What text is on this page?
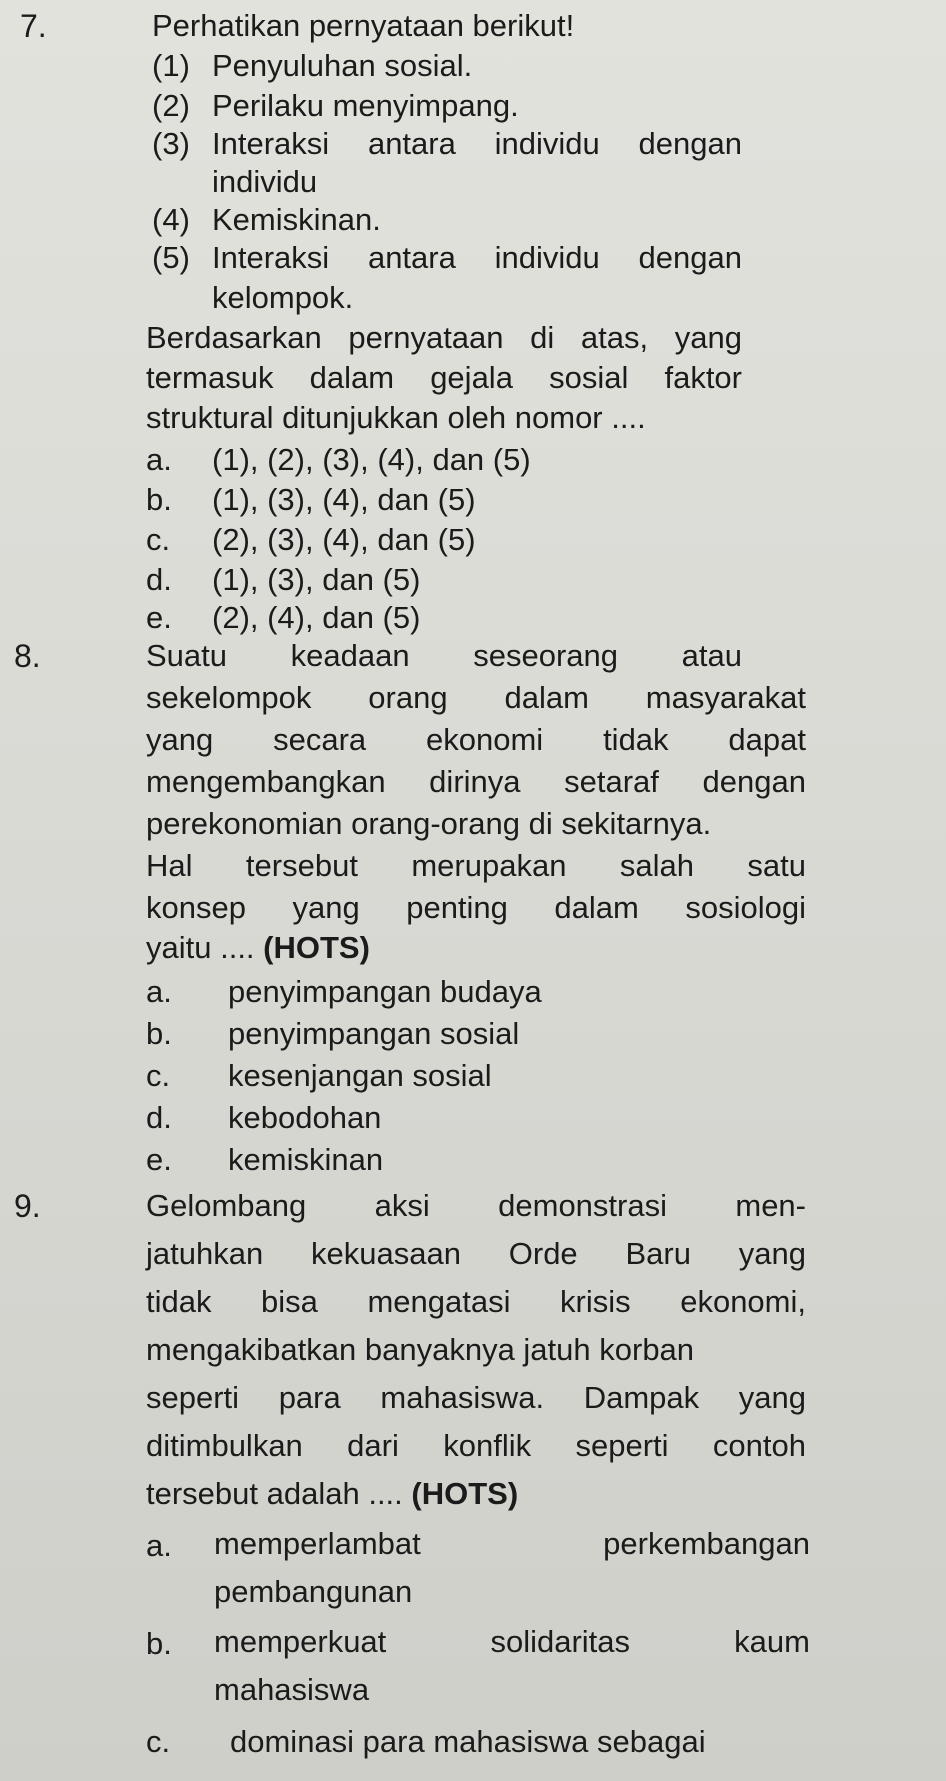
7.	Perhatikan pernyataan berikut!
(1) Penyuluhan sosial.
(2) Perilaku menyimpang.
(3) Interaksi antara individu dengan
individu
(4) Kemiskinan.
(5) Interaksi antara individu dengan
kelompok.
Berdasarkan pernyataan di atas, yang
termasuk dalam gejala sosial faktor
struktural ditunjukkan oleh nomor ....
a. (1), (2), (3), (4), dan (5)
b. (1), (3), (4), dan (5)
c. (2), (3), (4), dan (5)
d. (1), (3), dan (5)
e. (2), (4), dan (5)
8.	Suatu keadaan seseorang atau
sekelompok orang dalam masyarakat
yang secara ekonomi tidak dapat
mengembangkan dirinya setaraf dengan
perekonomian orang-orang di sekitarnya.
Hal tersebut merupakan salah satu
konsep yang penting dalam sosiologi
yaitu .... (HOTS)
a. penyimpangan budaya
b. penyimpangan sosial
c. kesenjangan sosial
d. kebodohan
e. kemiskinan
9.	Gelombang aksi demonstrasi men-
jatuhkan kekuasaan Orde Baru yang
tidak bisa mengatasi krisis ekonomi,
mengakibatkan banyaknya jatuh korban
seperti para mahasiswa. Dampak yang
ditimbulkan dari konflik seperti contoh
tersebut adalah .... (HOTS)
a. memperlambat perkembangan
pembangunan
b. memperkuat solidaritas kaum
mahasiswa
c. dominasi para mahasiswa sebagai
